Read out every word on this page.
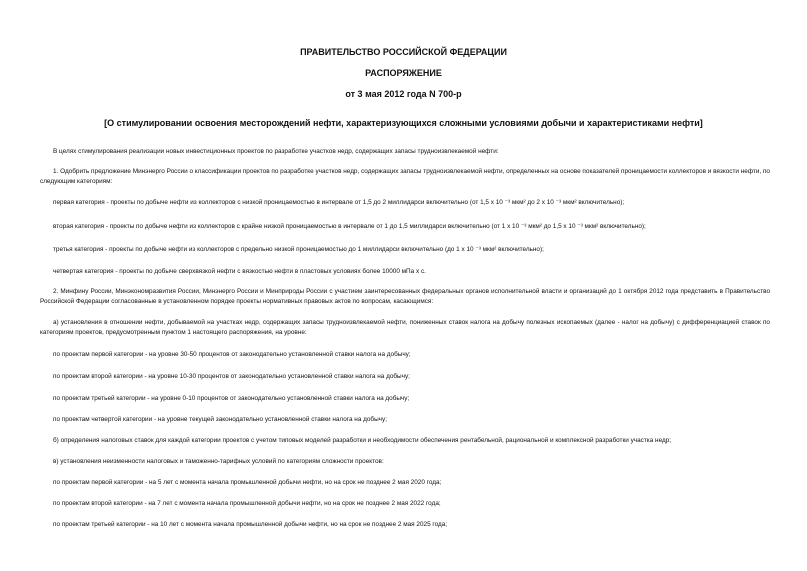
ПРАВИТЕЛЬСТВО РОССИЙСКОЙ ФЕДЕРАЦИИ
РАСПОРЯЖЕНИЕ
от 3 мая 2012 года N 700-р
[О стимулировании освоения месторождений нефти, характеризующихся сложными условиями добычи и характеристиками нефти]
В целях стимулирования реализации новых инвестиционных проектов по разработке участков недр, содержащих запасы трудноизвлекаемой нефти:
1. Одобрить предложение Минэнерго России о классификации проектов по разработке участков недр, содержащих запасы трудноизвлекаемой нефти, определенных на основе показателей проницаемости коллекторов и вязкости нефти, по следующим категориям:
первая категория - проекты по добыче нефти из коллекторов с низкой проницаемостью в интервале от 1,5 до 2 миллидарси включительно (от 1,5 х 10 ⁻³ мкм² до 2 х 10 ⁻³ мкм² включительно);
вторая категория - проекты по добыче нефти из коллекторов с крайне низкой проницаемостью в интервале от 1 до 1,5 миллидарси включительно (от 1 х 10 ⁻³ мкм² до 1,5 х 10 ⁻³ мкм² включительно);
третья категория - проекты по добыче нефти из коллекторов с предельно низкой проницаемостью до 1 миллидарси включительно (до 1 х 10 ⁻³ мкм² включительно);
четвертая категория - проекты по добыче сверхвязкой нефти с вязкостью нефти в пластовых условиях более 10000 мПа х с.
2. Минфину России, Минэкономразвития России, Минэнерго России и Минприроды России с участием заинтересованных федеральных органов исполнительной власти и организаций до 1 октября 2012 года представить в Правительство Российской Федерации согласованные в установленном порядке проекты нормативных правовых актов по вопросам, касающимся:
а) установления в отношении нефти, добываемой на участках недр, содержащих запасы трудноизвлекаемой нефти, пониженных ставок налога на добычу полезных ископаемых (далее - налог на добычу) с дифференциацией ставок по категориям проектов, предусмотренным пунктом 1 настоящего распоряжения, на уровне:
по проектам первой категории - на уровне 30-50 процентов от законодательно установленной ставки налога на добычу;
по проектам второй категории - на уровне 10-30 процентов от законодательно установленной ставки налога на добычу;
по проектам третьей категории - на уровне 0-10 процентов от законодательно установленной ставки налога на добычу;
по проектам четвертой категории - на уровне текущей законодательно установленной ставки налога на добычу;
б) определения налоговых ставок для каждой категории проектов с учетом типовых моделей разработки и необходимости обеспечения рентабельной, рациональной и комплексной разработки участка недр;
в) установления неизменности налоговых и таможенно-тарифных условий по категориям сложности проектов:
по проектам первой категории - на 5 лет с момента начала промышленной добычи нефти, но на срок не позднее 2 мая 2020 года;
по проектам второй категории - на 7 лет с момента начала промышленной добычи нефти, но на срок не позднее 2 мая 2022 года;
по проектам третьей категории - на 10 лет с момента начала промышленной добычи нефти, но на срок не позднее 2 мая 2025 года;
